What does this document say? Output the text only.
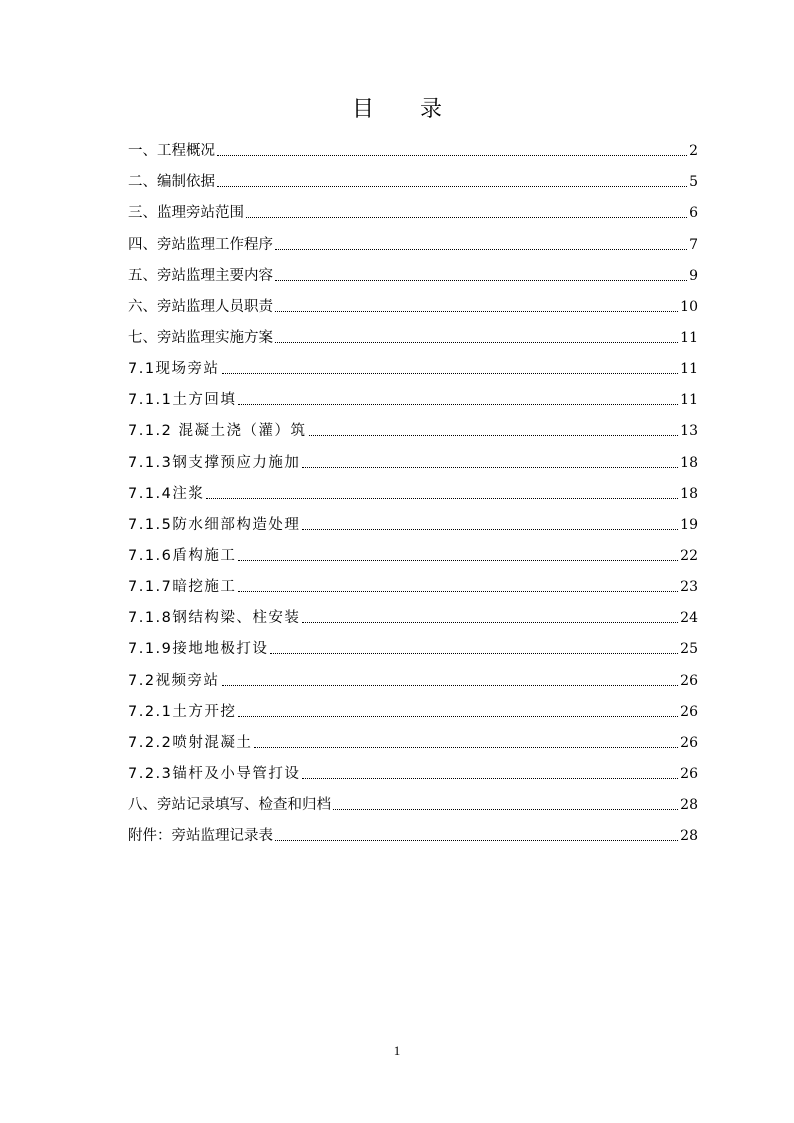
目 录
一、工程概况	2
二、编制依据	5
三、监理旁站范围	6
四、旁站监理工作程序	7
五、旁站监理主要内容	9
六、旁站监理人员职责	10
七、旁站监理实施方案	11
7.1现场旁站	11
7.1.1土方回填	11
7.1.2 混凝土浇（灌）筑	13
7.1.3钢支撑预应力施加	18
7.1.4注浆	18
7.1.5防水细部构造处理	19
7.1.6盾构施工	22
7.1.7暗挖施工	23
7.1.8钢结构梁、柱安装	24
7.1.9接地地极打设	25
7.2视频旁站	26
7.2.1土方开挖	26
7.2.2喷射混凝土	26
7.2.3锚杆及小导管打设	26
八、旁站记录填写、检查和归档	28
附件：旁站监理记录表	28
1
